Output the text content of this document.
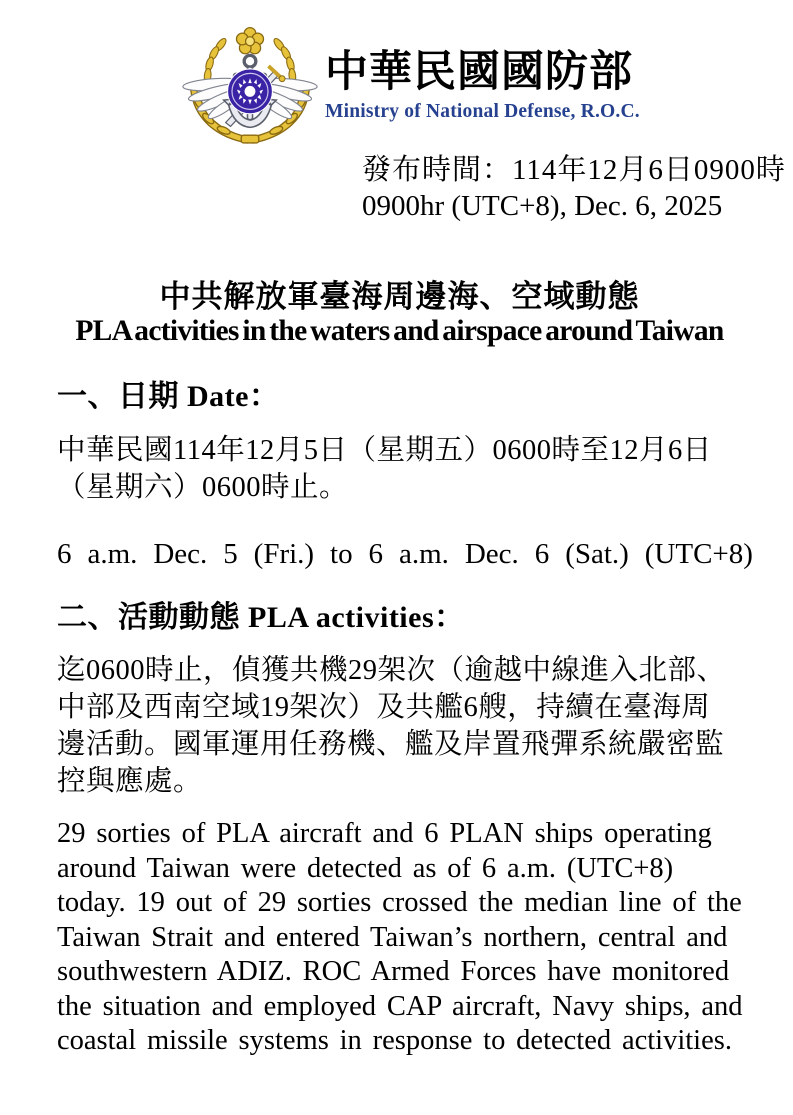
中華民國國防部
Ministry of National Defense, R.O.C.
發布時間：114年12月6日0900時
0900hr (UTC+8), Dec. 6, 2025
中共解放軍臺海周邊海、空域動態
PLA activities in the waters and airspace around Taiwan
一、日期 Date：
中華民國114年12月5日（星期五）0600時至12月6日
（星期六）0600時止。
6 a.m. Dec. 5 (Fri.) to 6 a.m. Dec. 6 (Sat.) (UTC+8)
二、活動動態 PLA activities：
迄0600時止，偵獲共機29架次（逾越中線進入北部、
中部及西南空域19架次）及共艦6艘，持續在臺海周
邊活動。國軍運用任務機、艦及岸置飛彈系統嚴密監
控與應處。
29 sorties of PLA aircraft and 6 PLAN ships operating
around Taiwan were detected as of 6 a.m. (UTC+8)
today. 19 out of 29 sorties crossed the median line of the
Taiwan Strait and entered Taiwan’s northern, central and
southwestern ADIZ. ROC Armed Forces have monitored
the situation and employed CAP aircraft, Navy ships, and
coastal missile systems in response to detected activities.
